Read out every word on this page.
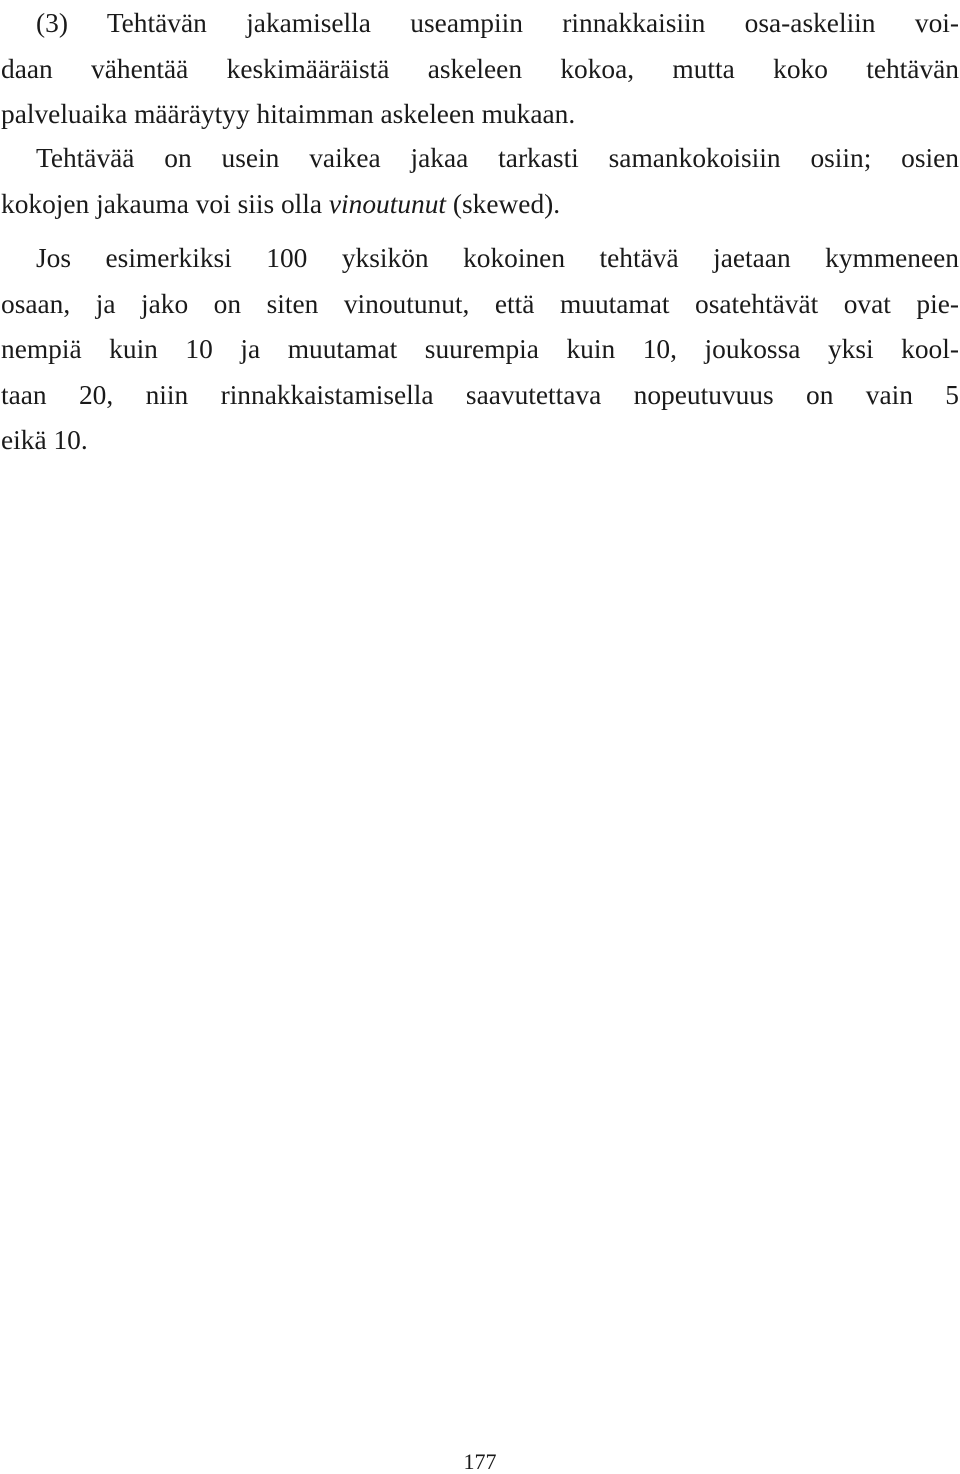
(3) Tehtävän jakamisella useampiin rinnakkaisiin osa-askeliin voi-
daan vähentää keskimääräistä askeleen kokoa, mutta koko tehtävän
palveluaika määräytyy hitaimman askeleen mukaan.
Tehtävää on usein vaikea jakaa tarkasti samankokoisiin osiin; osien
kokojen jakauma voi siis olla vinoutunut (skewed).
Jos esimerkiksi 100 yksikön kokoinen tehtävä jaetaan kymmeneen
osaan, ja jako on siten vinoutunut, että muutamat osatehtävät ovat pie-
nempiä kuin 10 ja muutamat suurempia kuin 10, joukossa yksi kool-
taan 20, niin rinnakkaistamisella saavutettava nopeutuvuus on vain 5
eikä 10.
177
